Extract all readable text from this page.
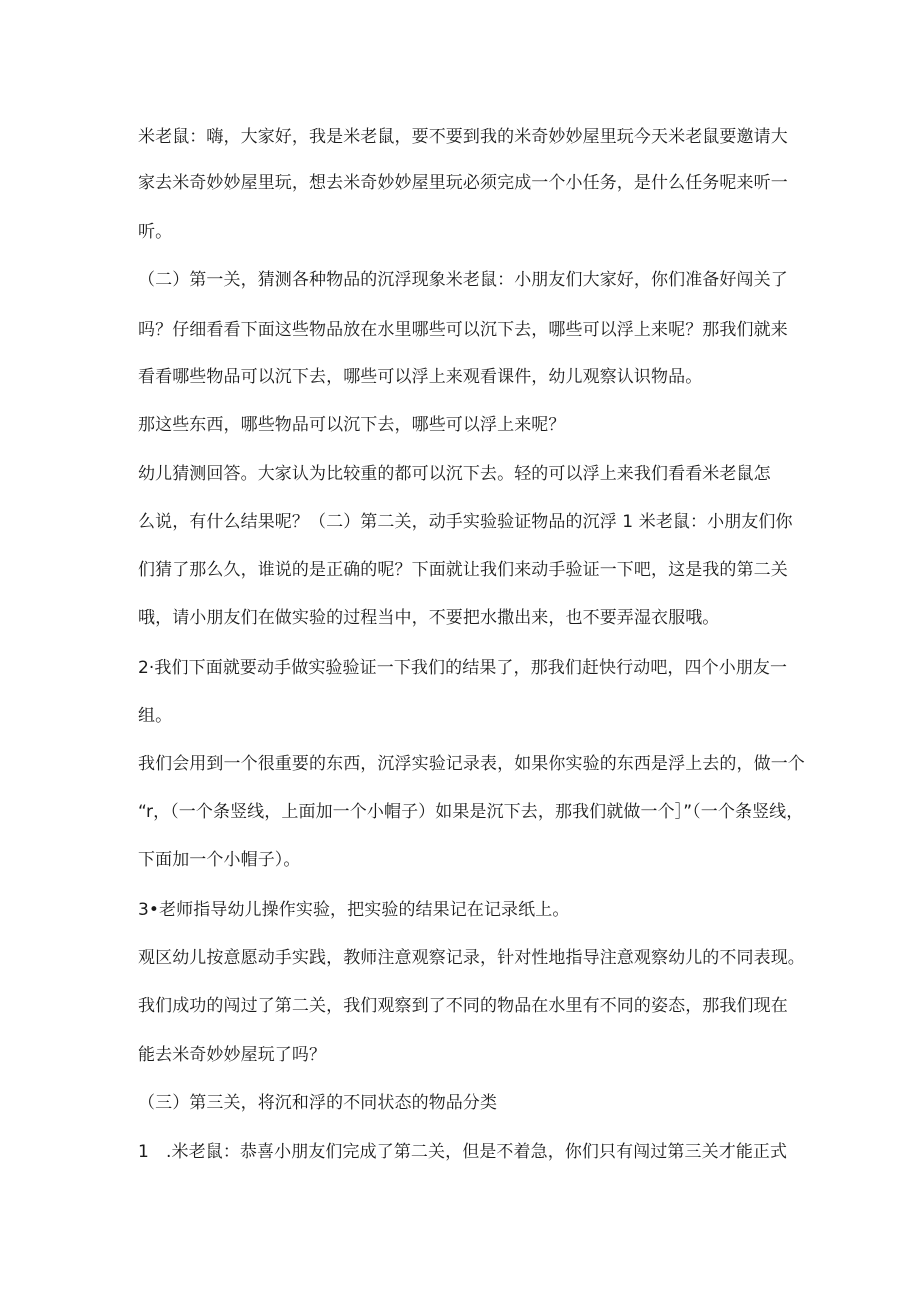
米老鼠：嗨，大家好，我是米老鼠，要不要到我的米奇妙妙屋里玩今天米老鼠要邀请大
家去米奇妙妙屋里玩，想去米奇妙妙屋里玩必须完成一个小任务，是什么任务呢来听一
听。
（二）第一关，猜测各种物品的沉浮现象米老鼠：小朋友们大家好，你们准备好闯关了
吗？仔细看看下面这些物品放在水里哪些可以沉下去，哪些可以浮上来呢？那我们就来
看看哪些物品可以沉下去，哪些可以浮上来观看课件，幼儿观察认识物品。
那这些东西，哪些物品可以沉下去，哪些可以浮上来呢？
幼儿猜测回答。大家认为比较重的都可以沉下去。轻的可以浮上来我们看看米老鼠怎
么说，有什么结果呢？（二）第二关，动手实验验证物品的沉浮 1 米老鼠：小朋友们你
们猜了那么久，谁说的是正确的呢？下面就让我们来动手验证一下吧，这是我的第二关
哦，请小朋友们在做实验的过程当中，不要把水撒出来，也不要弄湿衣服哦。
2·我们下面就要动手做实验验证一下我们的结果了，那我们赶快行动吧，四个小朋友一
组。
我们会用到一个很重要的东西，沉浮实验记录表，如果你实验的东西是浮上去的，做一个
“r，（一个条竖线，上面加一个小帽子）如果是沉下去，那我们就做一个］”（一个条竖线，
下面加一个小帽子）。
3•老师指导幼儿操作实验，把实验的结果记在记录纸上。
观区幼儿按意愿动手实践，教师注意观察记录，针对性地指导注意观察幼儿的不同表现。
我们成功的闯过了第二关，我们观察到了不同的物品在水里有不同的姿态，那我们现在
能去米奇妙妙屋玩了吗？
（三）第三关，将沉和浮的不同状态的物品分类
1　.米老鼠：恭喜小朋友们完成了第二关，但是不着急，你们只有闯过第三关才能正式
